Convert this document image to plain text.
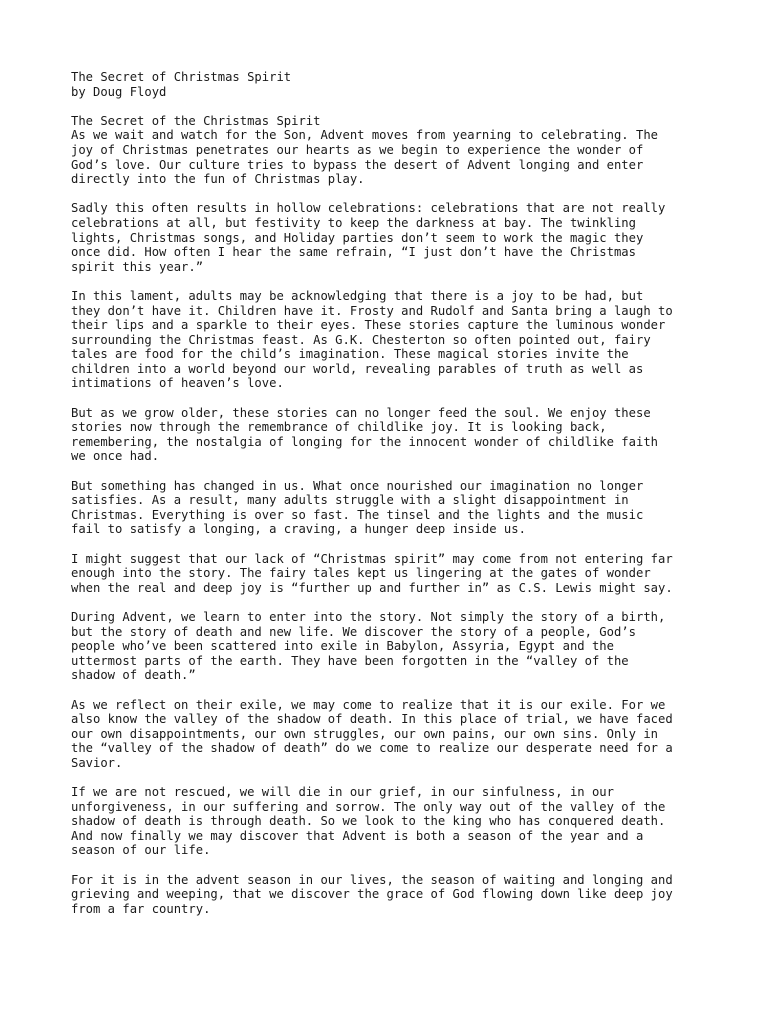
The Secret of Christmas Spirit
by Doug Floyd
The Secret of the Christmas Spirit
As we wait and watch for the Son, Advent moves from yearning to celebrating. The
joy of Christmas penetrates our hearts as we begin to experience the wonder of
God’s love. Our culture tries to bypass the desert of Advent longing and enter
directly into the fun of Christmas play.
Sadly this often results in hollow celebrations: celebrations that are not really
celebrations at all, but festivity to keep the darkness at bay. The twinkling
lights, Christmas songs, and Holiday parties don’t seem to work the magic they
once did. How often I hear the same refrain, “I just don’t have the Christmas
spirit this year.”
In this lament, adults may be acknowledging that there is a joy to be had, but
they don’t have it. Children have it. Frosty and Rudolf and Santa bring a laugh to
their lips and a sparkle to their eyes. These stories capture the luminous wonder
surrounding the Christmas feast. As G.K. Chesterton so often pointed out, fairy
tales are food for the child’s imagination. These magical stories invite the
children into a world beyond our world, revealing parables of truth as well as
intimations of heaven’s love.
But as we grow older, these stories can no longer feed the soul. We enjoy these
stories now through the remembrance of childlike joy. It is looking back,
remembering, the nostalgia of longing for the innocent wonder of childlike faith
we once had.
But something has changed in us. What once nourished our imagination no longer
satisfies. As a result, many adults struggle with a slight disappointment in
Christmas. Everything is over so fast. The tinsel and the lights and the music
fail to satisfy a longing, a craving, a hunger deep inside us.
I might suggest that our lack of “Christmas spirit” may come from not entering far
enough into the story. The fairy tales kept us lingering at the gates of wonder
when the real and deep joy is “further up and further in” as C.S. Lewis might say.
During Advent, we learn to enter into the story. Not simply the story of a birth,
but the story of death and new life. We discover the story of a people, God’s
people who’ve been scattered into exile in Babylon, Assyria, Egypt and the
uttermost parts of the earth. They have been forgotten in the “valley of the
shadow of death.”
As we reflect on their exile, we may come to realize that it is our exile. For we
also know the valley of the shadow of death. In this place of trial, we have faced
our own disappointments, our own struggles, our own pains, our own sins. Only in
the “valley of the shadow of death” do we come to realize our desperate need for a
Savior.
If we are not rescued, we will die in our grief, in our sinfulness, in our
unforgiveness, in our suffering and sorrow. The only way out of the valley of the
shadow of death is through death. So we look to the king who has conquered death.
And now finally we may discover that Advent is both a season of the year and a
season of our life.
For it is in the advent season in our lives, the season of waiting and longing and
grieving and weeping, that we discover the grace of God flowing down like deep joy
from a far country.
